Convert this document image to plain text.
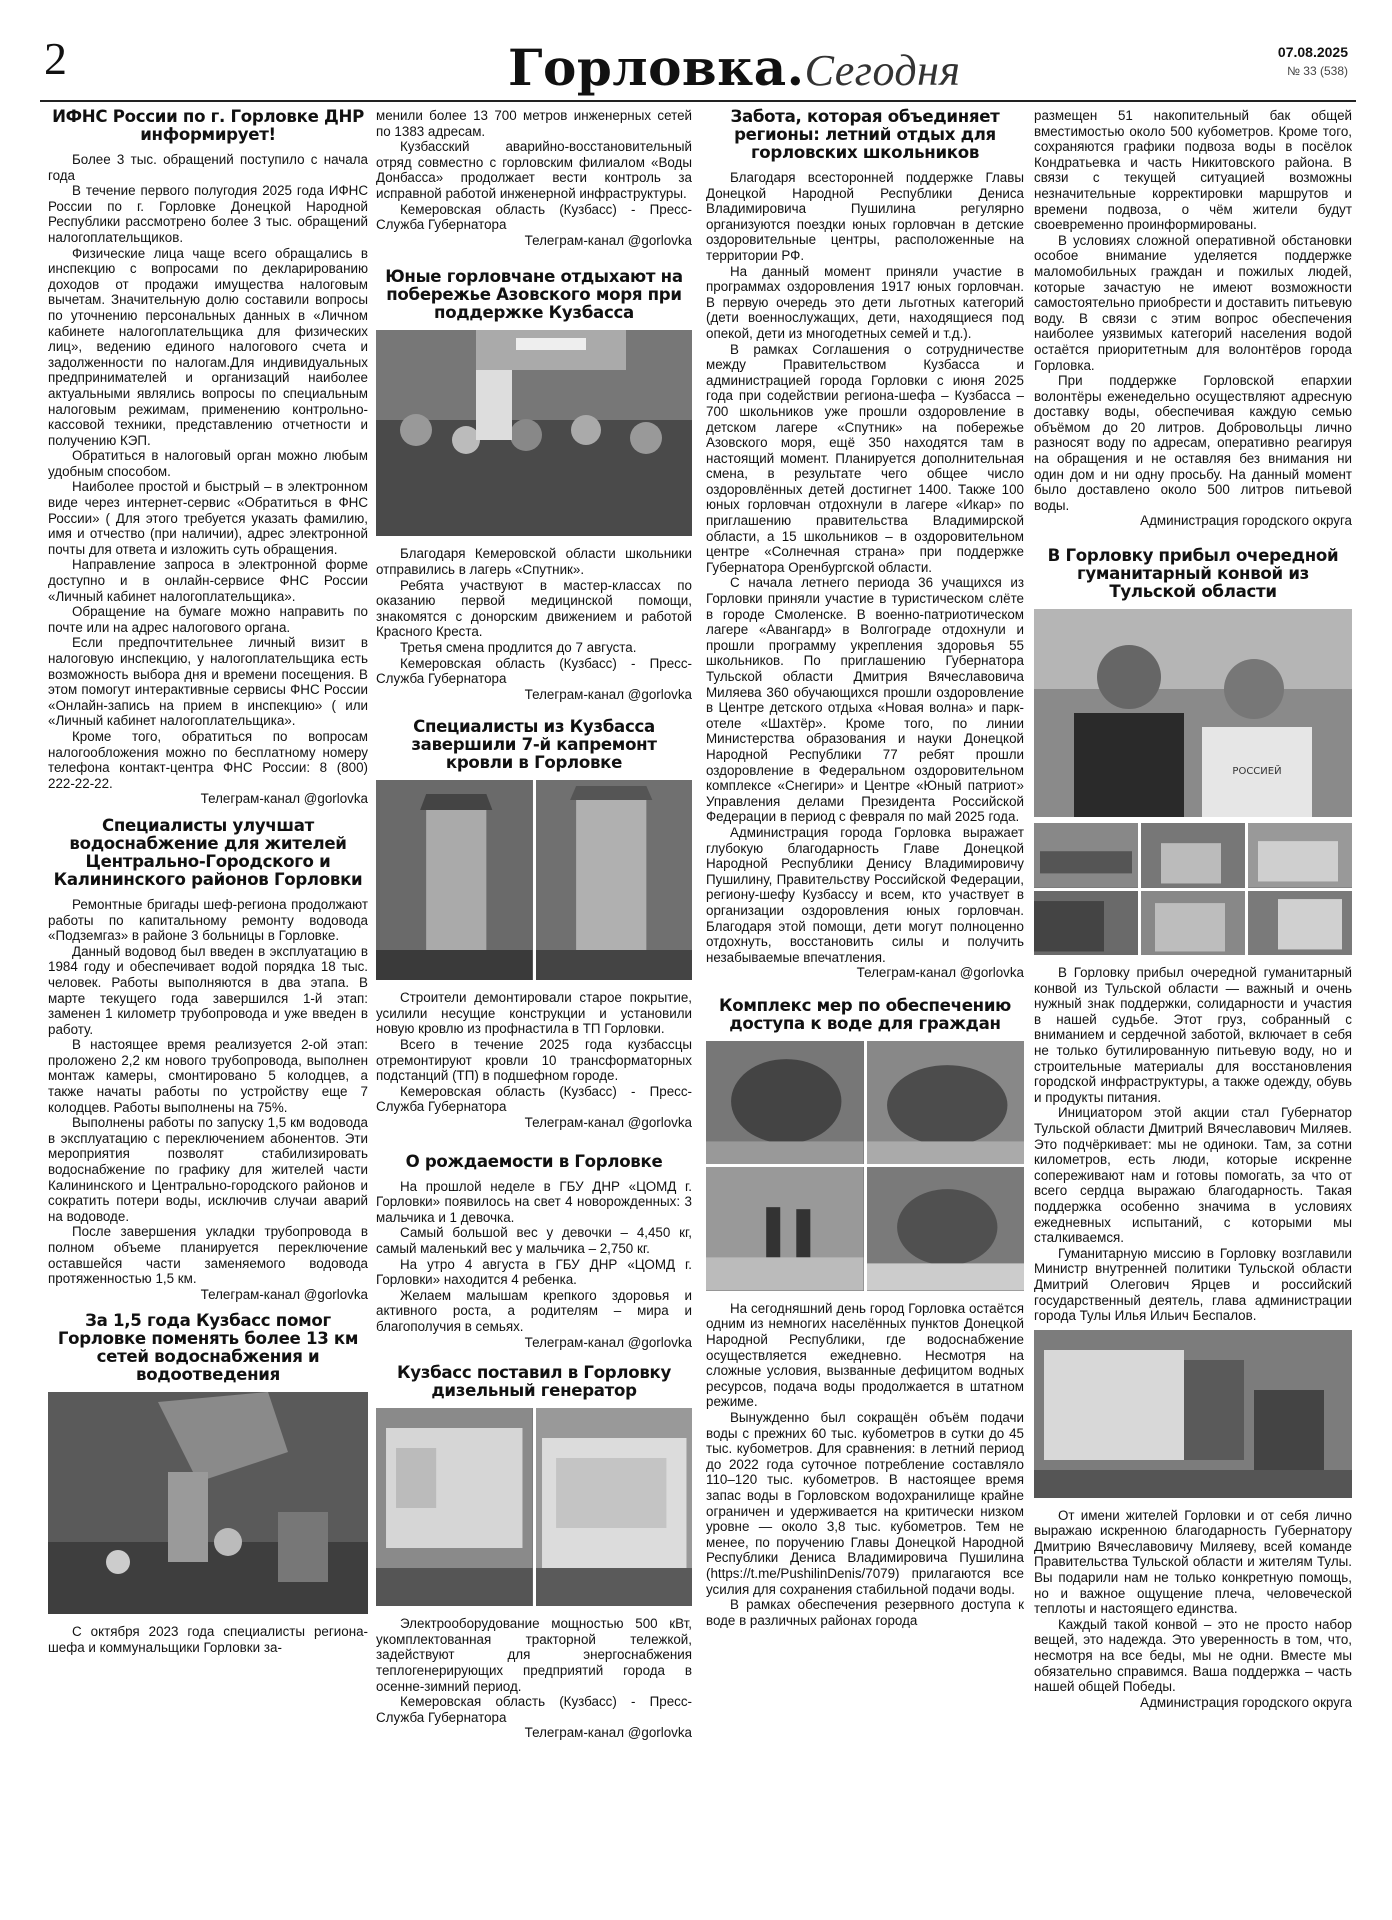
2	Горловка.Сегодня	07.08.2025
№ 33 (538)
ИФНС России по г. Горловке ДНР информирует!

Более 3 тыс. обращений поступило с начала года

В течение первого полугодия 2025 года ИФНС России по г. Горловке Донецкой Народной Республики рассмотрено более 3 тыс. обращений налогоплательщиков.

Физические лица чаще всего обращались в инспекцию с вопросами по декларированию доходов от продажи имущества налоговым вычетам. Значительную долю составили вопросы по уточнению персональных данных в «Личном кабинете налогоплательщика для физических лиц», ведению единого налогового счета и задолженности по налогам.Для индивидуальных предпринимателей и организаций наиболее актуальными являлись вопросы по специальным налоговым режимам, применению контрольно-кассовой техники, представлению отчетности и получению КЭП.

Обратиться в налоговый орган можно любым удобным способом.

Наиболее простой и быстрый – в электронном виде через интернет-сервис «Обратиться в ФНС России» ( Для этого требуется указать фамилию, имя и отчество (при наличии), адрес электронной почты для ответа и изложить суть обращения.

Направление запроса в электронной форме доступно и в онлайн-сервисе ФНС России «Личный кабинет налогоплательщика».

Обращение на бумаге можно направить по почте или на адрес налогового органа.

Если предпочтительнее личный визит в налоговую инспекцию, у налогоплательщика есть возможность выбора дня и времени посещения. В этом помогут интерактивные сервисы ФНС России «Онлайн-запись на прием в инспекцию» ( или «Личный кабинет налогоплательщика».

Кроме того, обратиться по вопросам налогообложения можно по бесплатному номеру телефона контакт-центра ФНС России: 8 (800) 222-22-22.

Телеграм-канал @gorlovka

Специалисты улучшат водоснабжение для жителей Центрально-Городского и Калининского районов Горловки

Ремонтные бригады шеф-региона продолжают работы по капитальному ремонту водовода «Подземгаз» в районе 3 больницы в Горловке.

Данный водовод был введен в эксплуатацию в 1984 году и обеспечивает водой порядка 18 тыс. человек. Работы выполняются в два этапа. В марте текущего года завершился 1-й этап: заменен 1 километр трубопровода и уже введен в работу.

В настоящее время реализуется 2-ой этап: проложено 2,2 км нового трубопровода, выполнен монтаж камеры, смонтировано 5 колодцев, а также начаты работы по устройству еще 7 колодцев. Работы выполнены на 75%.

Выполнены работы по запуску 1,5 км водовода в эксплуатацию с переключением абонентов. Эти мероприятия позволят стабилизировать водоснабжение по графику для жителей части Калининского и Центрально-городского районов и сократить потери воды, исключив случаи аварий на водоводе.

После завершения укладки трубопровода в полном объеме планируется переключение оставшейся части заменяемого водовода протяженностью 1,5 км.

Телеграм-канал @gorlovka

За 1,5 года Кузбасс помог Горловке поменять более 13 км сетей водоснабжения и водоотведения

С октября 2023 года специалисты региона-шефа и коммунальщики Горловки за-

менили более 13 700 метров инженерных сетей по 1383 адресам.

Кузбасский аварийно-восстановительный отряд совместно с горловским филиалом «Воды Донбасса» продолжает вести контроль за исправной работой инженерной инфраструктуры.

Кемеровская область (Кузбасс) - Пресс-Служба Губернатора

Телеграм-канал @gorlovka

Юные горловчане отдыхают на побережье Азовского моря при поддержке Кузбасса

Благодаря Кемеровской области школьники отправились в лагерь «Спутник».

Ребята участвуют в мастер-классах по оказанию первой медицинской помощи, знакомятся с донорским движением и работой Красного Креста.

Третья смена продлится до 7 августа.

Кемеровская область (Кузбасс) - Пресс-Служба Губернатора

Телеграм-канал @gorlovka

Специалисты из Кузбасса завершили 7-й капремонт кровли в Горловке

Строители демонтировали старое покрытие, усилили несущие конструкции и установили новую кровлю из профнастила в ТП Горловки.

Всего в течение 2025 года кузбассцы отремонтируют кровли 10 трансформаторных подстанций (ТП) в подшефном городе.

Кемеровская область (Кузбасс) - Пресс-Служба Губернатора

Телеграм-канал @gorlovka

О рождаемости в Горловке

На прошлой неделе в ГБУ ДНР «ЦОМД г. Горловки» появилось на свет 4 новорожденных: 3 мальчика и 1 девочка.

Самый большой вес у девочки – 4,450 кг, самый маленький вес у мальчика – 2,750 кг.

На утро 4 августа в ГБУ ДНР «ЦОМД г. Горловки» находится 4 ребенка.

Желаем малышам крепкого здоровья и активного роста, а родителям – мира и благополучия в семьях.

Телеграм-канал @gorlovka

Кузбасс поставил в Горловку дизельный генератор

Электрооборудование мощностью 500 кВт, укомплектованная тракторной тележкой, задействуют для энергоснабжения теплогенерирующих предприятий города в осенне-зимний период.

Кемеровская область (Кузбасс) - Пресс-Служба Губернатора

Телеграм-канал @gorlovka

Забота, которая объединяет регионы: летний отдых для горловских школьников

Благодаря всесторонней поддержке Главы Донецкой Народной Республики Дениса Владимировича Пушилина регулярно организуются поездки юных горловчан в детские оздоровительные центры, расположенные на территории РФ.

На данный момент приняли участие в программах оздоровления 1917 юных горловчан. В первую очередь это дети льготных категорий (дети военнослужащих, дети, находящиеся под опекой, дети из многодетных семей и т.д.).

В рамках Соглашения о сотрудничестве между Правительством Кузбасса и администрацией города Горловки с июня 2025 года при содействии региона-шефа – Кузбасса – 700 школьников уже прошли оздоровление в детском лагере «Спутник» на побережье Азовского моря, ещё 350 находятся там в настоящий момент. Планируется дополнительная смена, в результате чего общее число оздоровлённых детей достигнет 1400. Также 100 юных горловчан отдохнули в лагере «Икар» по приглашению правительства Владимирской области, а 15 школьников – в оздоровительном центре «Солнечная страна» при поддержке Губернатора Оренбургской области.

С начала летнего периода 36 учащихся из Горловки приняли участие в туристическом слёте в городе Смоленске. В военно-патриотическом лагере «Авангард» в Волгограде отдохнули и прошли программу укрепления здоровья 55 школьников. По приглашению Губернатора Тульской области Дмитрия Вячеславовича Миляева 360 обучающихся прошли оздоровление в Центре детского отдыха «Новая волна» и парк-отеле «Шахтёр». Кроме того, по линии Министерства образования и науки Донецкой Народной Республики 77 ребят прошли оздоровление в Федеральном оздоровительном комплексе «Снегири» и Центре «Юный патриот» Управления делами Президента Российской Федерации в период с февраля по май 2025 года.

Администрация города Горловка выражает глубокую благодарность Главе Донецкой Народной Республики Денису Владимировичу Пушилину, Правительству Российской Федерации, региону-шефу Кузбассу и всем, кто участвует в организации оздоровления юных горловчан. Благодаря этой помощи, дети могут полноценно отдохнуть, восстановить силы и получить незабываемые впечатления.

Телеграм-канал @gorlovka

Комплекс мер по обеспечению доступа к воде для граждан

На сегодняшний день город Горловка остаётся одним из немногих населённых пунктов Донецкой Народной Республики, где водоснабжение осуществляется ежедневно. Несмотря на сложные условия, вызванные дефицитом водных ресурсов, подача воды продолжается в штатном режиме.

Вынужденно был сокращён объём подачи воды с прежних 60 тыс. кубометров в сутки до 45 тыс. кубометров. Для сравнения: в летний период до 2022 года суточное потребление составляло 110–120 тыс. кубометров. В настоящее время запас воды в Горловском водохранилище крайне ограничен и удерживается на критически низком уровне — около 3,8 тыс. кубометров. Тем не менее, по поручению Главы Донецкой Народной Республики Дениса Владимировича Пушилина (https://t.me/PushilinDenis/7079) прилагаются все усилия для сохранения стабильной подачи воды.

В рамках обеспечения резервного доступа к воде в различных районах города

размещен 51 накопительный бак общей вместимостью около 500 кубометров. Кроме того, сохраняются графики подвоза воды в посёлок Кондратьевка и часть Никитовского района. В связи с текущей ситуацией возможны незначительные корректировки маршрутов и времени подвоза, о чём жители будут своевременно проинформированы.

В условиях сложной оперативной обстановки особое внимание уделяется поддержке маломобильных граждан и пожилых людей, которые зачастую не имеют возможности самостоятельно приобрести и доставить питьевую воду. В связи с этим вопрос обеспечения наиболее уязвимых категорий населения водой остаётся приоритетным для волонтёров города Горловка.

При поддержке Горловской епархии волонтёры еженедельно осуществляют адресную доставку воды, обеспечивая каждую семью объёмом до 20 литров. Добровольцы лично разносят воду по адресам, оперативно реагируя на обращения и не оставляя без внимания ни один дом и ни одну просьбу. На данный момент было доставлено около 500 литров питьевой воды.

Администрация городского округа

В Горловку прибыл очередной гуманитарный конвой из Тульской области
РОССИЕЙ

В Горловку прибыл очередной гуманитарный конвой из Тульской области — важный и очень нужный знак поддержки, солидарности и участия в нашей судьбе. Этот груз, собранный с вниманием и сердечной заботой, включает в себя не только бутилированную питьевую воду, но и строительные материалы для восстановления городской инфраструктуры, а также одежду, обувь и продукты питания.

Инициатором этой акции стал Губернатор Тульской области Дмитрий Вячеславович Миляев. Это подчёркивает: мы не одиноки. Там, за сотни километров, есть люди, которые искренне сопереживают нам и готовы помогать, за что от всего сердца выражаю благодарность. Такая поддержка особенно значима в условиях ежедневных испытаний, с которыми мы сталкиваемся.

Гуманитарную миссию в Горловку возглавили Министр внутренней политики Тульской области Дмитрий Олегович Ярцев и российский государственный деятель, глава администрации города Тулы Илья Ильич Беспалов.

От имени жителей Горловки и от себя лично выражаю искренною благодарность Губернатору Дмитрию Вячеславовичу Миляеву, всей команде Правительства Тульской области и жителям Тулы. Вы подарили нам не только конкретную помощь, но и важное ощущение плеча, человеческой теплоты и настоящего единства.

Каждый такой конвой – это не просто набор вещей, это надежда. Это уверенность в том, что, несмотря на все беды, мы не одни. Вместе мы обязательно справимся. Ваша поддержка – часть нашей общей Победы.

Администрация городского округа
